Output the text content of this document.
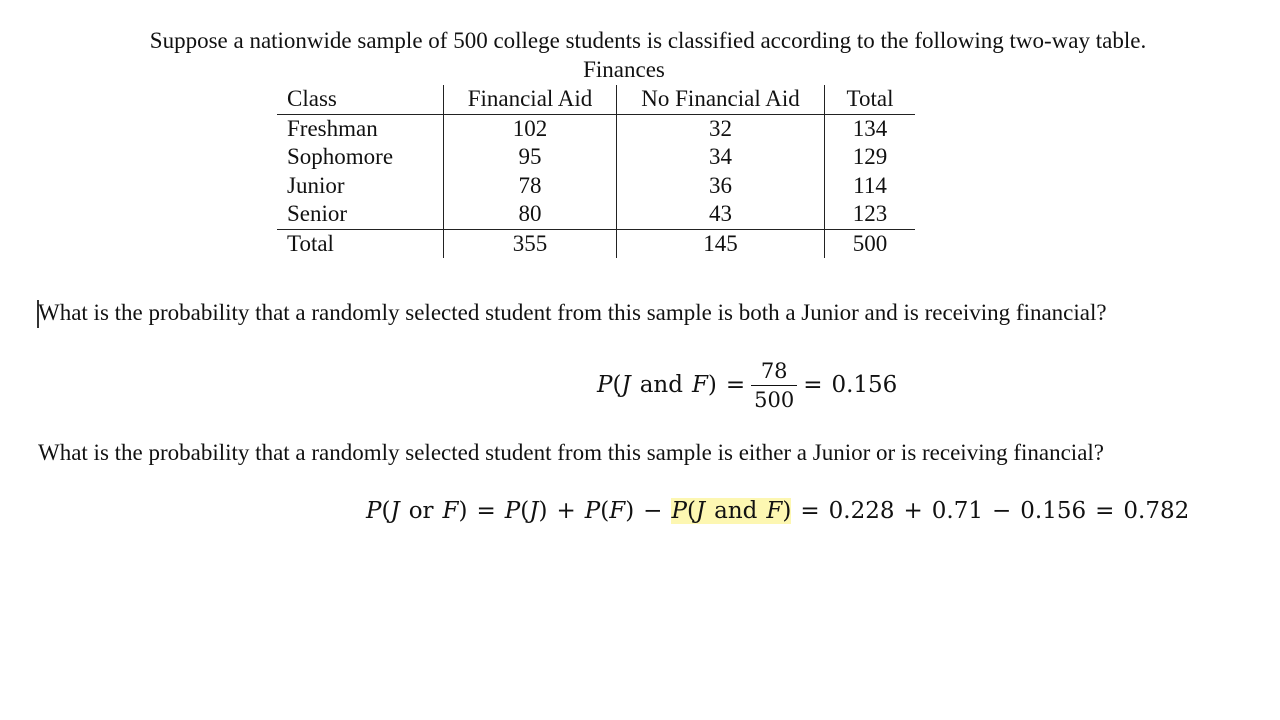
Suppose a nationwide sample of 500 college students is classified according to the following two-way table.
Finances
Class	Financial Aid	No Financial Aid	Total
Freshman	102	32	134
Sophomore	95	34	129
Junior	78	36	114
Senior	80	43	123
Total	355	145	500
What is the probability that a randomly selected student from this sample is both a Junior and is receiving financial?
P ( J and F ) = $\frac{78}{500} = 0.156$
What is the probability that a randomly selected student from this sample is either a Junior or is receiving financial?
P ( J or F ) = P ( J ) + P ( F ) − P(J and F) = 0.228 + 0.71 − 0.156 = 0.782
